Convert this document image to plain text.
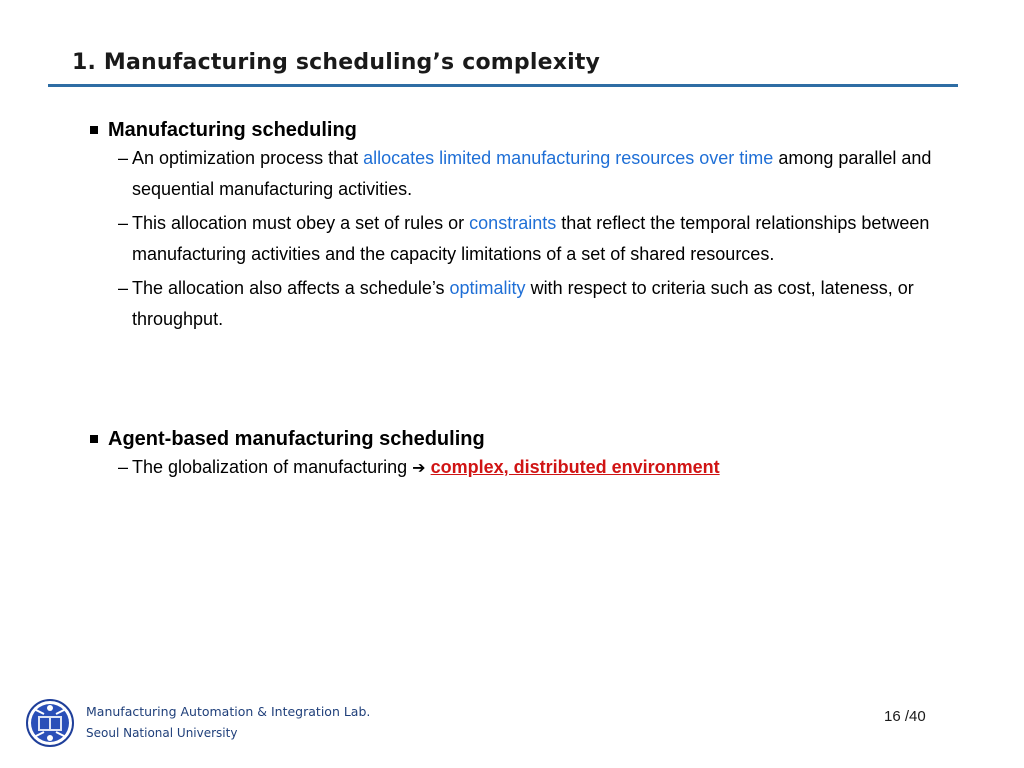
1. Manufacturing scheduling’s complexity
Manufacturing scheduling
– An optimization process that allocates limited manufacturing resources over time among parallel and sequential manufacturing activities.
– This allocation must obey a set of rules or constraints that reflect the temporal relationships between manufacturing activities and the capacity limitations of a set of shared resources.
– The allocation also affects a schedule’s optimality with respect to criteria such as cost, lateness, or throughput.
Agent-based manufacturing scheduling
– The globalization of manufacturing ➔ complex, distributed environment
Manufacturing Automation & Integration Lab.
Seoul National University
16 /40
